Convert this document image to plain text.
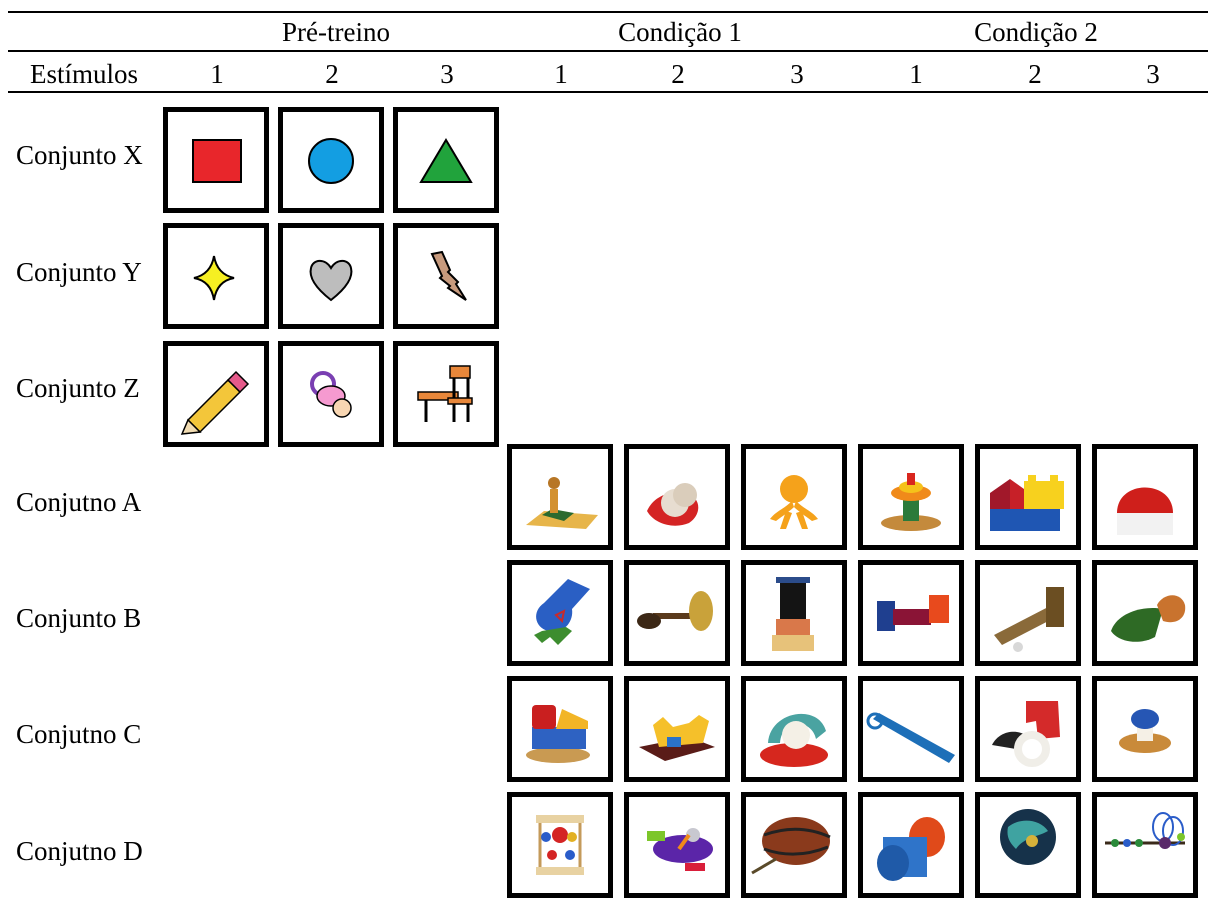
Pré-treino	Condição 1	Condição 2
Estímulos	1	2	3	1	2	3	1	2	3
Conjunto X
Conjunto Y
Conjunto Z
Conjutno A
Conjunto B
Conjutno C
Conjutno D
